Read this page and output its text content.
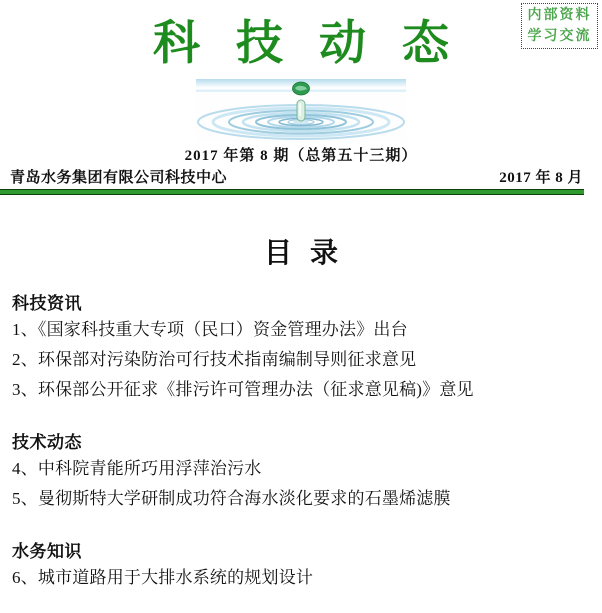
内部资料
学习交流
科技动态
2017 年第 8 期（总第五十三期）
青岛水务集团有限公司科技中心	2017 年 8 月
目录
科技资讯
1、《国家科技重大专项（民口）资金管理办法》出台
2、环保部对污染防治可行技术指南编制导则征求意见
3、环保部公开征求《排污许可管理办法（征求意见稿)》意见
技术动态
4、中科院青能所巧用浮萍治污水
5、曼彻斯特大学研制成功符合海水淡化要求的石墨烯滤膜
水务知识
6、城市道路用于大排水系统的规划设计
